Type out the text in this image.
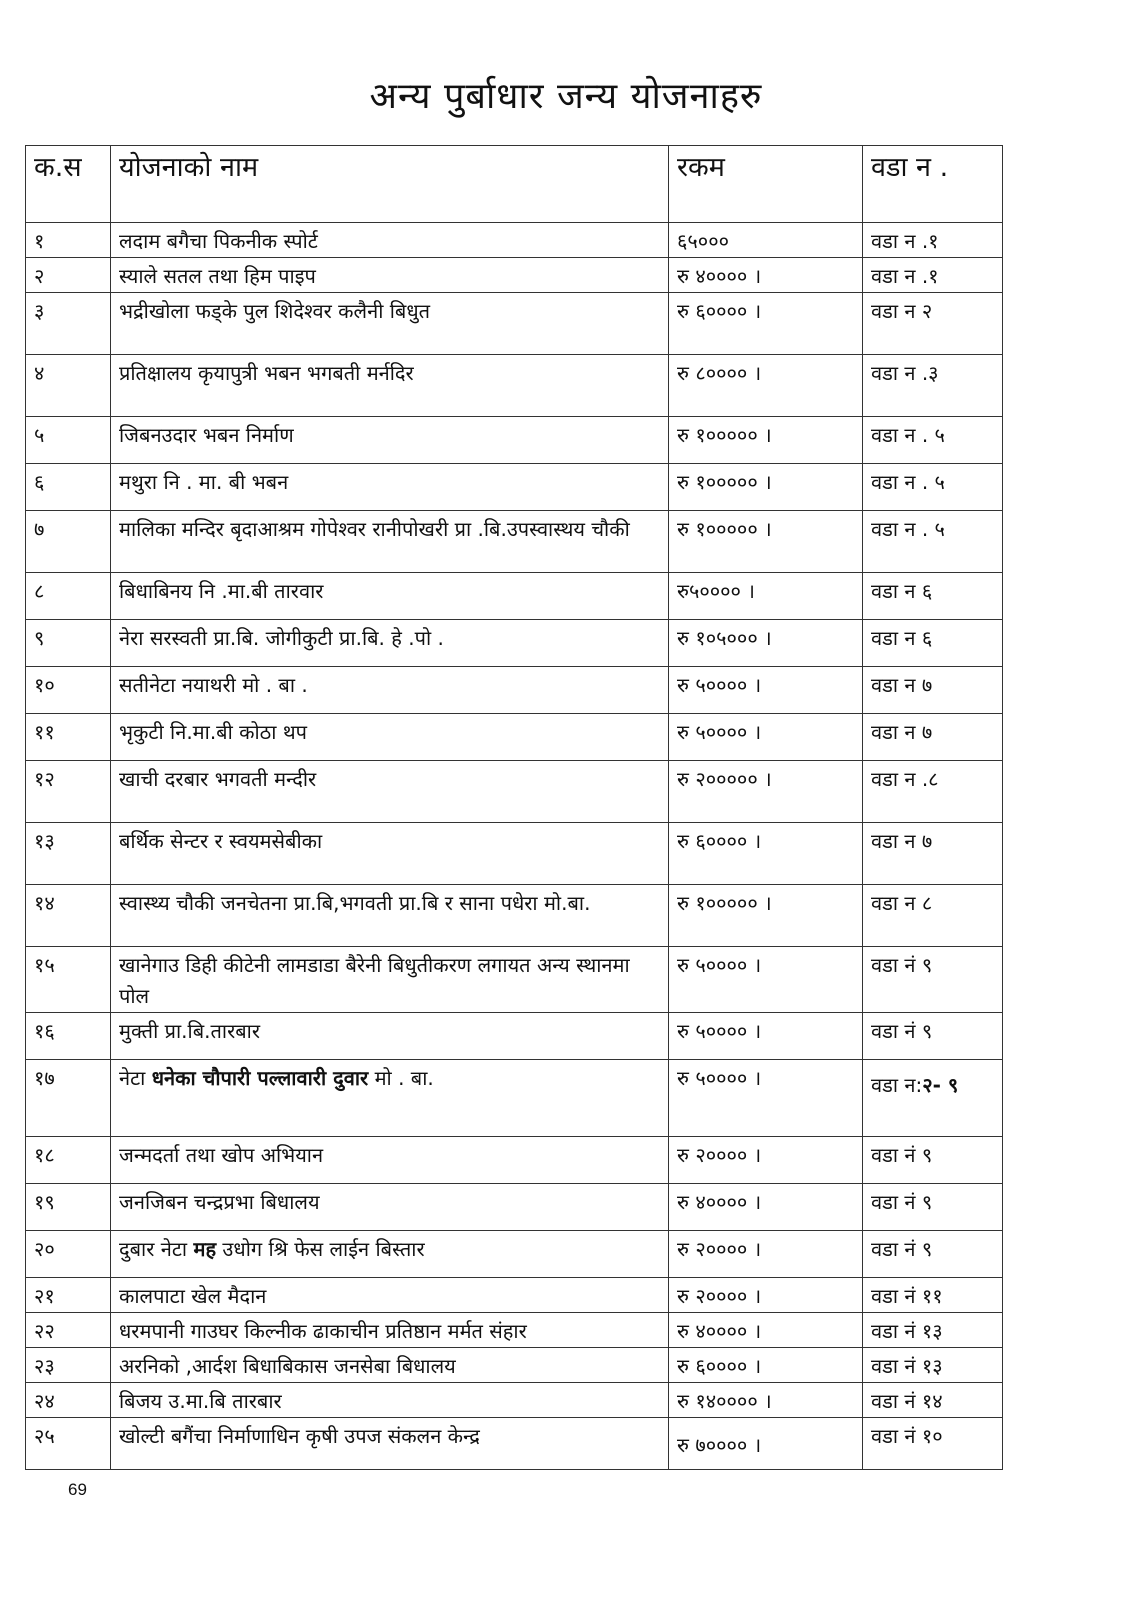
अन्य पुर्बाधार जन्य योजनाहरु
क.स	योजनाको नाम	रकम	वडा न .
१	लदाम बगैचा पिकनीक स्पोर्ट	६५०००	वडा न .१
२	स्याले सतल तथा हिम पाइप	रु ४०००० ।	वडा न .१
३	भद्रीखोला फड्के पुल शिदेश्वर कलैनी बिधुत	रु ६०००० ।	वडा न २
४	प्रतिक्षालय कृयापुत्री भबन भगबती मर्नदिर	रु ८०००० ।	वडा न .३
५	जिबनउदार भबन निर्माण	रु १००००० ।	वडा न . ५
६	मथुरा नि . मा. बी भबन	रु १००००० ।	वडा न . ५
७	मालिका मन्दिर बृदाआश्रम गोपेश्वर रानीपोखरी प्रा .बि.उपस्वास्थय चौकी	रु १००००० ।	वडा न . ५
८	बिधाबिनय नि .मा.बी तारवार	रु५०००० ।	वडा न ६
९	नेरा सरस्वती प्रा.बि. जोगीकुटी प्रा.बि. हे .पो .	रु १०५००० ।	वडा न ६
१०	सतीनेटा नयाथरी मो . बा .	रु ५०००० ।	वडा न ७
११	भृकुटी नि.मा.बी कोठा थप	रु ५०००० ।	वडा न ७
१२	खाची दरबार भगवती मन्दीर	रु २००००० ।	वडा न .८
१३	बर्थिक सेन्टर र स्वयमसेबीका	रु ६०००० ।	वडा न ७
१४	स्वास्थ्य चौकी जनचेतना प्रा.बि,भगवती प्रा.बि र साना पधेरा मो.बा.	रु १००००० ।	वडा न ८
१५	खानेगाउ डिही कीटेनी लामडाडा बैरेनी बिधुतीकरण लगायत अन्य स्थानमा पोल	रु ५०००० ।	वडा नं ९
१६	मुक्ती प्रा.बि.तारबार	रु ५०००० ।	वडा नं ९
१७	नेटा धनेका चौपारी पल्लावारी दुवार मो . बा.	रु ५०००० ।	वडा न:२- ९
१८	जन्मदर्ता तथा खोप अभियान	रु २०००० ।	वडा नं ९
१९	जनजिबन चन्द्रप्रभा बिधालय	रु ४०००० ।	वडा नं ९
२०	दुबार नेटा मह उधोग श्रि फेस लाईन बिस्तार	रु २०००० ।	वडा नं ९
२१	कालपाटा खेल मैदान	रु २०००० ।	वडा नं ११
२२	धरमपानी गाउघर किल्नीक ढाकाचीन प्रतिष्ठान मर्मत संहार	रु ४०००० ।	वडा नं १३
२३	अरनिको ,आर्दश बिधाबिकास जनसेबा बिधालय	रु ६०००० ।	वडा नं १३
२४	बिजय उ.मा.बि तारबार	रु १४०००० ।	वडा नं १४
२५	खोल्टी बगैंचा निर्माणाधिन कृषी उपज संकलन केन्द्र	रु ७०००० ।	वडा नं १०
69
